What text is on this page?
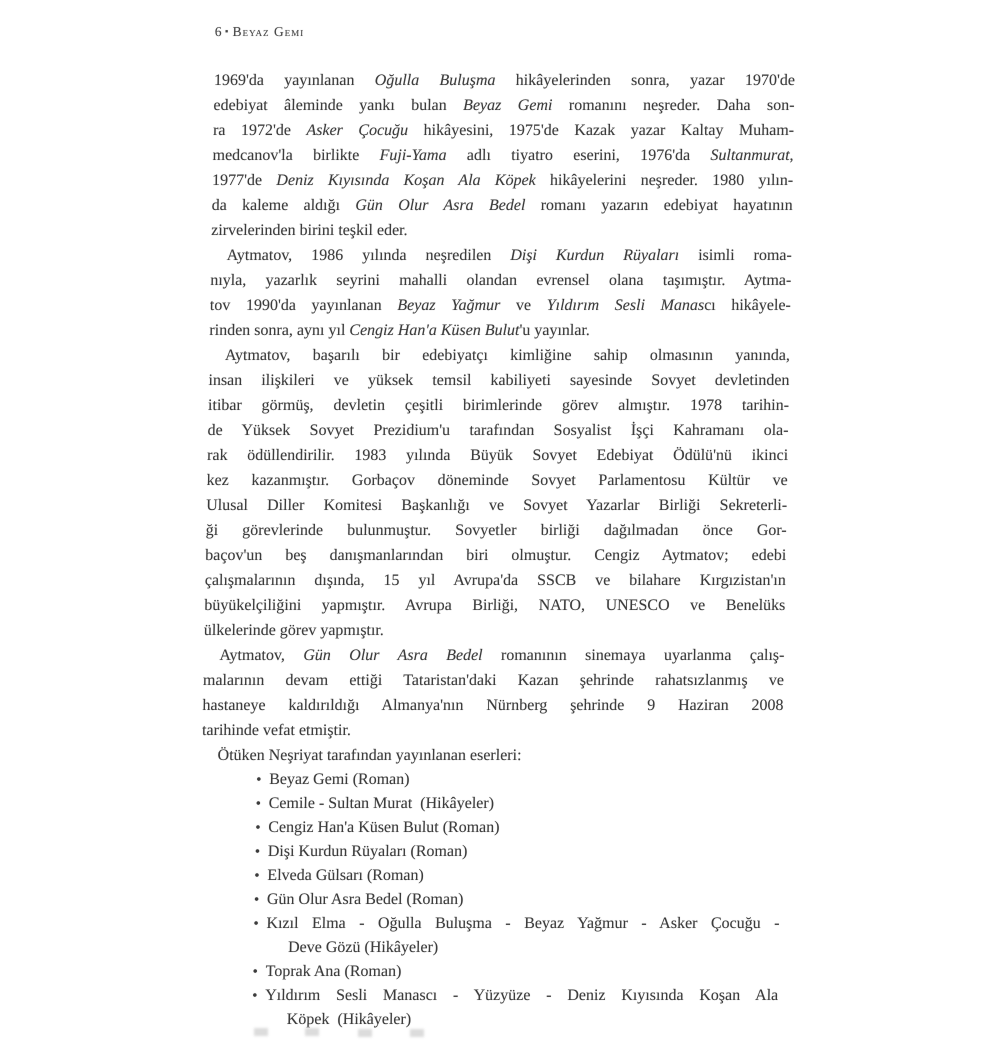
6 ▪ Beyaz Gemi
1969'da yayınlanan Oğulla Buluşma hikâyelerinden sonra, yazar 1970'de
edebiyat âleminde yankı bulan Beyaz Gemi romanını neşreder. Daha son-
ra 1972'de Asker Çocuğu hikâyesini, 1975'de Kazak yazar Kaltay Muham-
medcanov'la birlikte Fuji-Yama adlı tiyatro eserini, 1976'da Sultanmurat,
1977'de Deniz Kıyısında Koşan Ala Köpek hikâyelerini neşreder. 1980 yılın-
da kaleme aldığı Gün Olur Asra Bedel romanı yazarın edebiyat hayatının
zirvelerinden birini teşkil eder.
Aytmatov, 1986 yılında neşredilen Dişi Kurdun Rüyaları isimli roma-
nıyla, yazarlık seyrini mahalli olandan evrensel olana taşımıştır. Aytma-
tov 1990'da yayınlanan Beyaz Yağmur ve Yıldırım Sesli Manascı hikâyele-
rinden sonra, aynı yıl Cengiz Han'a Küsen Bulut'u yayınlar.
Aytmatov, başarılı bir edebiyatçı kimliğine sahip olmasının yanında,
insan ilişkileri ve yüksek temsil kabiliyeti sayesinde Sovyet devletinden
itibar görmüş, devletin çeşitli birimlerinde görev almıştır. 1978 tarihin-
de Yüksek Sovyet Prezidium'u tarafından Sosyalist İşçi Kahramanı ola-
rak ödüllendirilir. 1983 yılında Büyük Sovyet Edebiyat Ödülü'nü ikinci
kez kazanmıştır. Gorbaçov döneminde Sovyet Parlamentosu Kültür ve
Ulusal Diller Komitesi Başkanlığı ve Sovyet Yazarlar Birliği Sekreterli-
ği görevlerinde bulunmuştur. Sovyetler birliği dağılmadan önce Gor-
baçov'un beş danışmanlarından biri olmuştur. Cengiz Aytmatov; edebi
çalışmalarının dışında, 15 yıl Avrupa'da SSCB ve bilahare Kırgızistan'ın
büyükelçiliğini yapmıştır. Avrupa Birliği, NATO, UNESCO ve Benelüks
ülkelerinde görev yapmıştır.
Aytmatov, Gün Olur Asra Bedel romanının sinemaya uyarlanma çalış-
malarının devam ettiği Tataristan'daki Kazan şehrinde rahatsızlanmış ve
hastaneye kaldırıldığı Almanya'nın Nürnberg şehrinde 9 Haziran 2008
tarihinde vefat etmiştir.
Ötüken Neşriyat tarafından yayınlanan eserleri:
• Beyaz Gemi (Roman)
• Cemile - Sultan Murat  (Hikâyeler)
• Cengiz Han'a Küsen Bulut (Roman)
• Dişi Kurdun Rüyaları (Roman)
• Elveda Gülsarı (Roman)
• Gün Olur Asra Bedel (Roman)
• Kızıl Elma - Oğulla Buluşma - Beyaz Yağmur - Asker Çocuğu -
Deve Gözü (Hikâyeler)
• Toprak Ana (Roman)
• Yıldırım Sesli Manascı - Yüzyüze - Deniz Kıyısında Koşan Ala
Köpek  (Hikâyeler)
